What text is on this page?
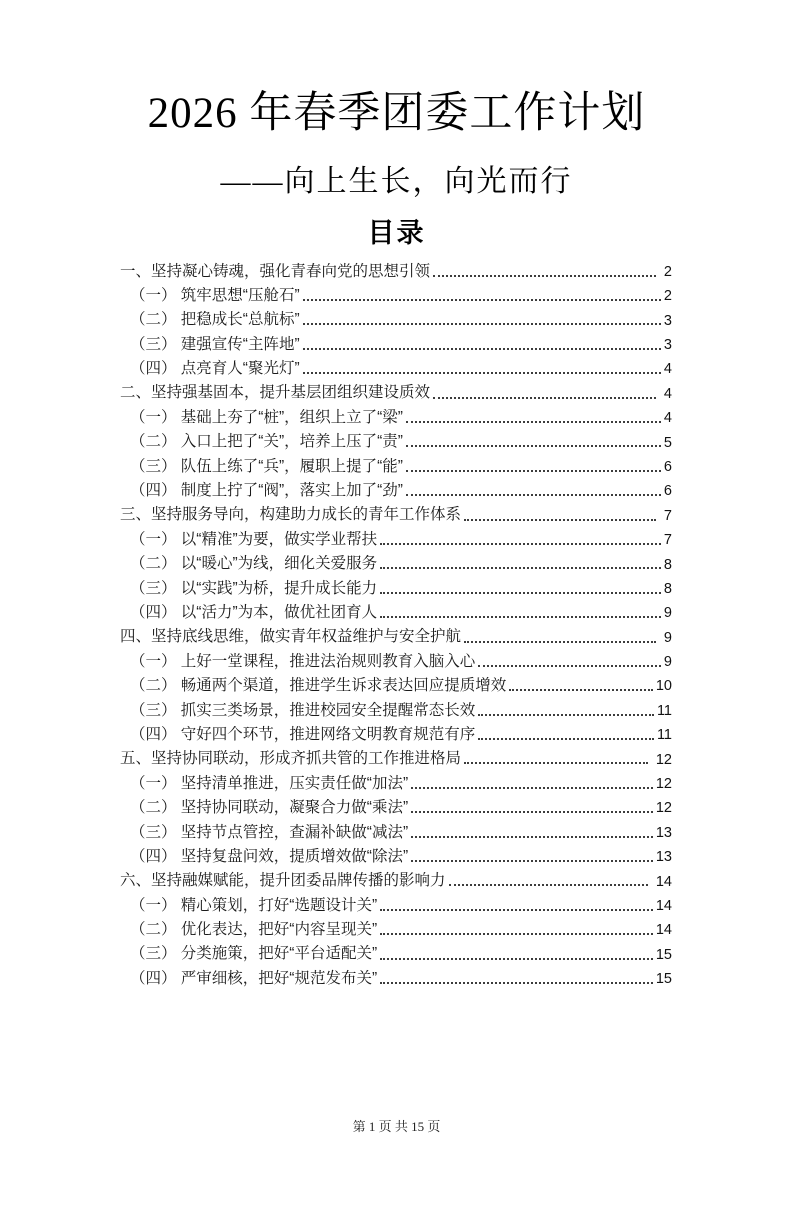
2026 年春季团委工作计划
——向上生长，向光而行
目录
一、坚持凝心铸魂，强化青春向党的思想引领	2
（一） 筑牢思想“压舱石”	2
（二） 把稳成长“总航标”	3
（三） 建强宣传“主阵地”	3
（四） 点亮育人“聚光灯”	4
二、坚持强基固本，提升基层团组织建设质效	4
（一） 基础上夯了“桩”，组织上立了“梁”	4
（二） 入口上把了“关”，培养上压了“责”	5
（三） 队伍上练了“兵”，履职上提了“能”	6
（四） 制度上拧了“阀”，落实上加了“劲”	6
三、坚持服务导向，构建助力成长的青年工作体系	7
（一） 以“精准”为要，做实学业帮扶	7
（二） 以“暖心”为线，细化关爱服务	8
（三） 以“实践”为桥，提升成长能力	8
（四） 以“活力”为本，做优社团育人	9
四、坚持底线思维，做实青年权益维护与安全护航	9
（一） 上好一堂课程，推进法治规则教育入脑入心	9
（二） 畅通两个渠道，推进学生诉求表达回应提质增效	10
（三） 抓实三类场景，推进校园安全提醒常态长效	11
（四） 守好四个环节，推进网络文明教育规范有序	11
五、坚持协同联动，形成齐抓共管的工作推进格局	12
（一） 坚持清单推进，压实责任做“加法”	12
（二） 坚持协同联动，凝聚合力做“乘法”	12
（三） 坚持节点管控，查漏补缺做“减法”	13
（四） 坚持复盘问效，提质增效做“除法”	13
六、坚持融媒赋能，提升团委品牌传播的影响力	14
（一） 精心策划，打好“选题设计关”	14
（二） 优化表达，把好“内容呈现关”	14
（三） 分类施策，把好“平台适配关”	15
（四） 严审细核，把好“规范发布关”	15
第 1 页 共 15 页
